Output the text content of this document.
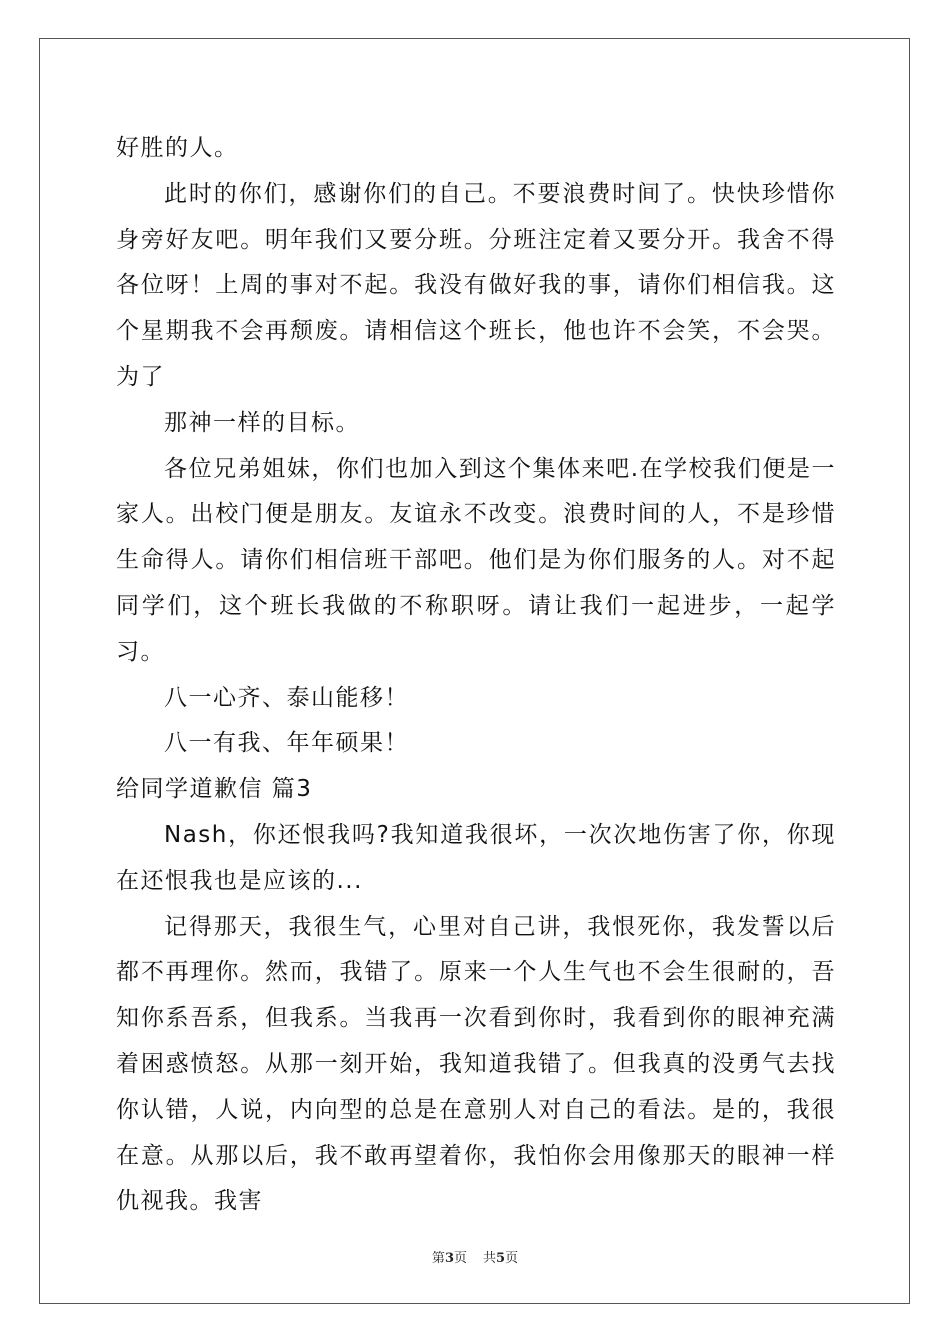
好胜的人。

此时的你们，感谢你们的自己。不要浪费时间了。快快珍惜你身旁好友吧。明年我们又要分班。分班注定着又要分开。我舍不得各位呀！上周的事对不起。我没有做好我的事，请你们相信我。这个星期我不会再颓废。请相信这个班长，他也许不会笑，不会哭。为了

那神一样的目标。

各位兄弟姐妹，你们也加入到这个集体来吧.在学校我们便是一家人。出校门便是朋友。友谊永不改变。浪费时间的人，不是珍惜生命得人。请你们相信班干部吧。他们是为你们服务的人。对不起同学们，这个班长我做的不称职呀。请让我们一起进步，一起学习。

八一心齐、泰山能移！

八一有我、年年硕果！

给同学道歉信 篇3

Nash，你还恨我吗?我知道我很坏，一次次地伤害了你，你现在还恨我也是应该的...

记得那天，我很生气，心里对自己讲，我恨死你，我发誓以后都不再理你。然而，我错了。原来一个人生气也不会生很耐的，吾知你系吾系，但我系。当我再一次看到你时，我看到你的眼神充满着困惑愤怒。从那一刻开始，我知道我错了。但我真的没勇气去找你认错，人说，内向型的总是在意别人对自己的看法。是的，我很在意。从那以后，我不敢再望着你，我怕你会用像那天的眼神一样仇视我。我害

第3页 共5页
